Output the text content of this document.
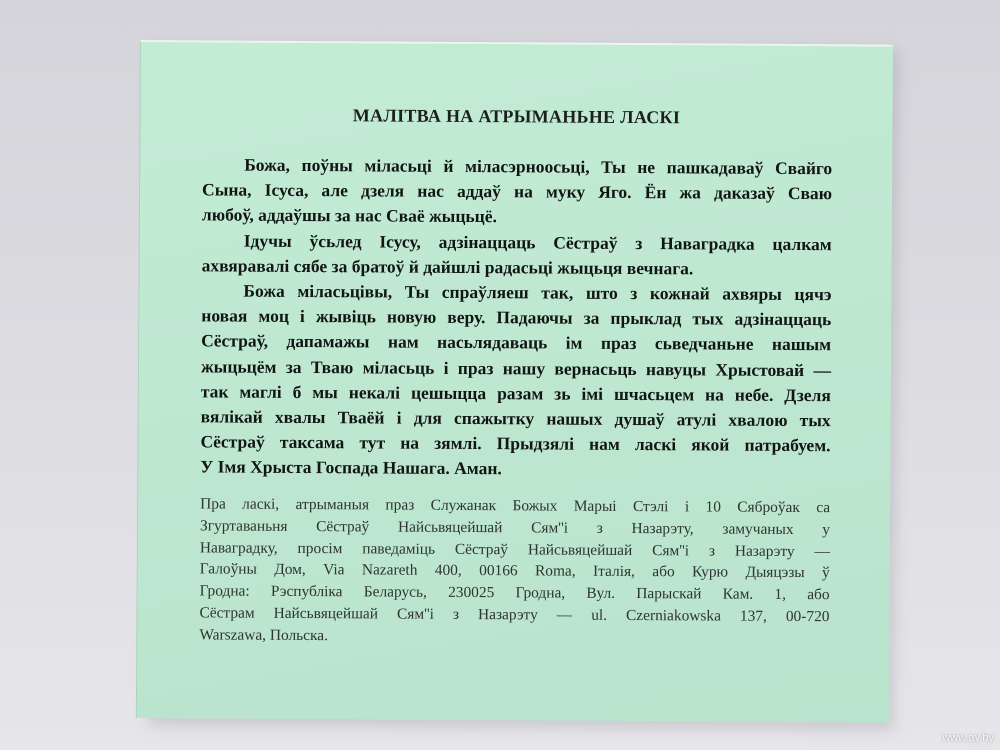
МАЛІТВА НА АТРЫМАНЬНЕ ЛАСКІ
Божа, поўны міласьці й міласэрноосьці, Ты не пашкадаваў Свайго
Сына, Ісуса, але дзеля нас аддаў на муку Яго. Ён жа даказаў Сваю
любоў, аддаўшы за нас Сваё жыцьцё.
Ідучы ўсьлед Ісусу, адзінаццаць Сёстраў з Наваградка цалкам
ахвяравалі сябе за братоў й дайшлі радасьці жыцьця вечнага.
Божа міласьцівы, Ты спраўляеш так, што з кожнай ахвяры цячэ
новая моц і жывіць новую веру. Падаючы за прыклад тых адзінаццаць
Сёстраў, дапамажы нам насьлядаваць ім праз сьведчаньне нашым
жыцьцём за Тваю міласьць і праз нашу вернасьць навуцы Хрыстовай —
так маглі б мы некалі цешыцца разам зь імі шчасьцем на небе. Дзеля
вялікай хвалы Тваёй і для спажытку нашых душаў атулі хвалою тых
Сёстраў таксама тут на зямлі. Прыдзялі нам ласкі якой патрабуем.
У Імя Хрыста Госпада Нашага. Аман.
Пра ласкі, атрыманыя праз Служанак Божых Марыі Стэлі і 10 Сяброўак са
Згуртаваньня Сёстраў Найсьвяцейшай Сям''і з Назарэту, замучаных у
Наваградку, просім паведаміць Сёстраў Найсьвяцейшай Сям''і з Назарэту —
Галоўны Дом, Via Nazareth 400, 00166 Roma, Італія, або Курю Дыяцэзы ў
Гродна: Рэспубліка Беларусь, 230025 Гродна, Вул. Парыскай Кам. 1, або
Сёстрам Найсьвяцейшай Сям''і з Назарэту — ul. Czerniakowska 137, 00-720
Warszawa, Польска.
www.ay.by
